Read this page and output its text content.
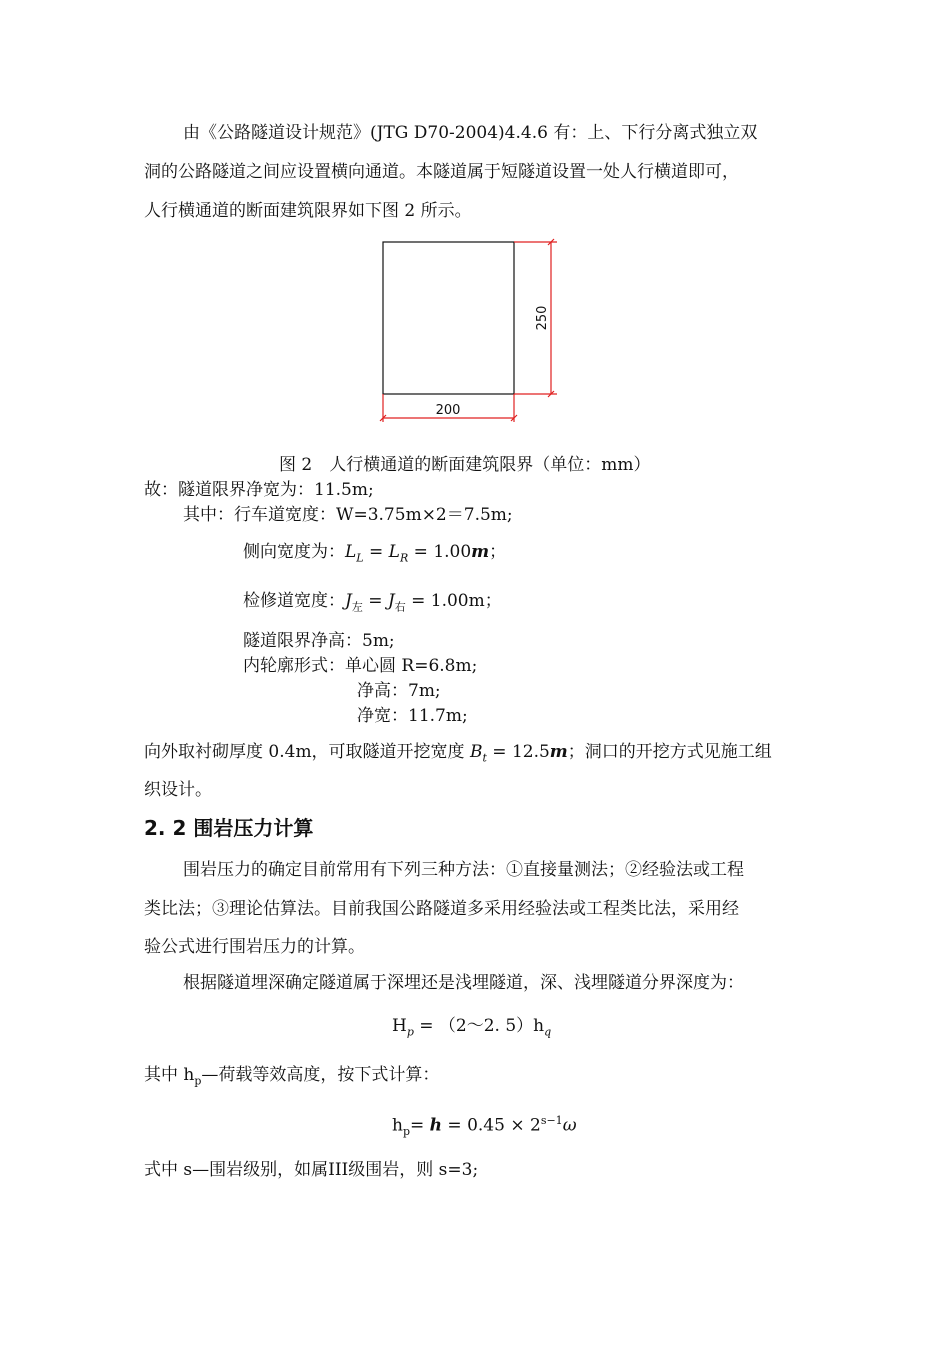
由《公路隧道设计规范》(JTG D70-2004)4.4.6 有：上、下行分离式独立双
洞的公路隧道之间应设置横向通道。本隧道属于短隧道设置一处人行横道即可，
人行横通道的断面建筑限界如下图 2 所示。
250
200
图 2　人行横通道的断面建筑限界（单位：mm）
故：隧道限界净宽为：11.5m;
其中：行车道宽度：W=3.75m×2＝7.5m;
侧向宽度为：$L_L = L_R = 1.00m$；
检修道宽度：$J_左 = J_右 = 1.00m$；
隧道限界净高：5m;
内轮廓形式：单心圆 R=6.8m;
净高：7m;
净宽：11.7m;
向外取衬砌厚度 0.4m，可取隧道开挖宽度 $B_t = 12.5m$；洞口的开挖方式见施工组
织设计。
2. 2 围岩压力计算
围岩压力的确定目前常用有下列三种方法：①直接量测法；②经验法或工程
类比法；③理论估算法。目前我国公路隧道多采用经验法或工程类比法，采用经
验公式进行围岩压力的计算。
根据隧道埋深确定隧道属于深埋还是浅埋隧道，深、浅埋隧道分界深度为：
$H_p$ = （2～2. $5)h_q$
其中 $h_p—$荷载等效高度，按下式计算：
$h_p= h = 0.45 \times 2^{s-1}\omega$
式中 s—围岩级别，如属III级围岩，则 s=3;
